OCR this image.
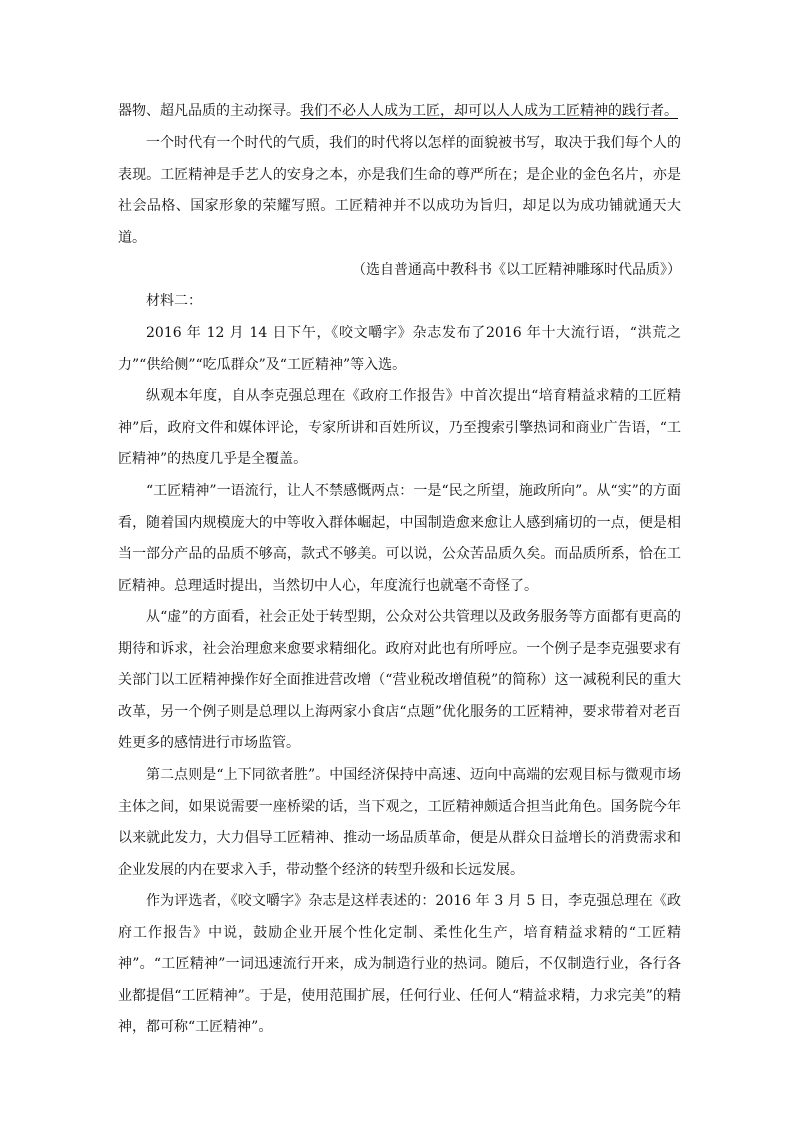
器物、超凡品质的主动探寻。我们不必人人成为工匠，却可以人人成为工匠精神的践行者。

一个时代有一个时代的气质，我们的时代将以怎样的面貌被书写，取决于我们每个人的表现。工匠精神是手艺人的安身之本，亦是我们生命的尊严所在；是企业的金色名片，亦是社会品格、国家形象的荣耀写照。工匠精神并不以成功为旨归，却足以为成功铺就通天大道。

（选自普通高中教科书《以工匠精神雕琢时代品质》）
材料二：

2016 年 12 月 14 日下午，《咬文嚼字》杂志发布了2016 年十大流行语，“洪荒之力”“供给侧”“吃瓜群众”及“工匠精神”等入选。

纵观本年度，自从李克强总理在《政府工作报告》中首次提出“培育精益求精的工匠精神”后，政府文件和媒体评论，专家所讲和百姓所议，乃至搜索引擎热词和商业广告语，“工匠精神”的热度几乎是全覆盖。

“工匠精神”一语流行，让人不禁感慨两点：一是“民之所望，施政所向”。从“实”的方面看，随着国内规模庞大的中等收入群体崛起，中国制造愈来愈让人感到痛切的一点，便是相当一部分产品的品质不够高，款式不够美。可以说，公众苦品质久矣。而品质所系，恰在工匠精神。总理适时提出，当然切中人心，年度流行也就毫不奇怪了。

从“虚”的方面看，社会正处于转型期，公众对公共管理以及政务服务等方面都有更高的期待和诉求，社会治理愈来愈要求精细化。政府对此也有所呼应。一个例子是李克强要求有关部门以工匠精神操作好全面推进营改增（“营业税改增值税”的简称）这一减税利民的重大改革，另一个例子则是总理以上海两家小食店“点题”优化服务的工匠精神，要求带着对老百姓更多的感情进行市场监管。

第二点则是“上下同欲者胜”。中国经济保持中高速、迈向中高端的宏观目标与微观市场主体之间，如果说需要一座桥梁的话，当下观之，工匠精神颇适合担当此角色。国务院今年以来就此发力，大力倡导工匠精神、推动一场品质革命，便是从群众日益增长的消费需求和企业发展的内在要求入手，带动整个经济的转型升级和长远发展。

作为评选者，《咬文嚼字》杂志是这样表述的：2016 年 3 月 5 日，李克强总理在《政府工作报告》中说，鼓励企业开展个性化定制、柔性化生产，培育精益求精的“工匠精神”。“工匠精神”一词迅速流行开来，成为制造行业的热词。随后，不仅制造行业，各行各业都提倡“工匠精神”。于是，使用范围扩展，任何行业、任何人“精益求精，力求完美”的精神，都可称“工匠精神”。
